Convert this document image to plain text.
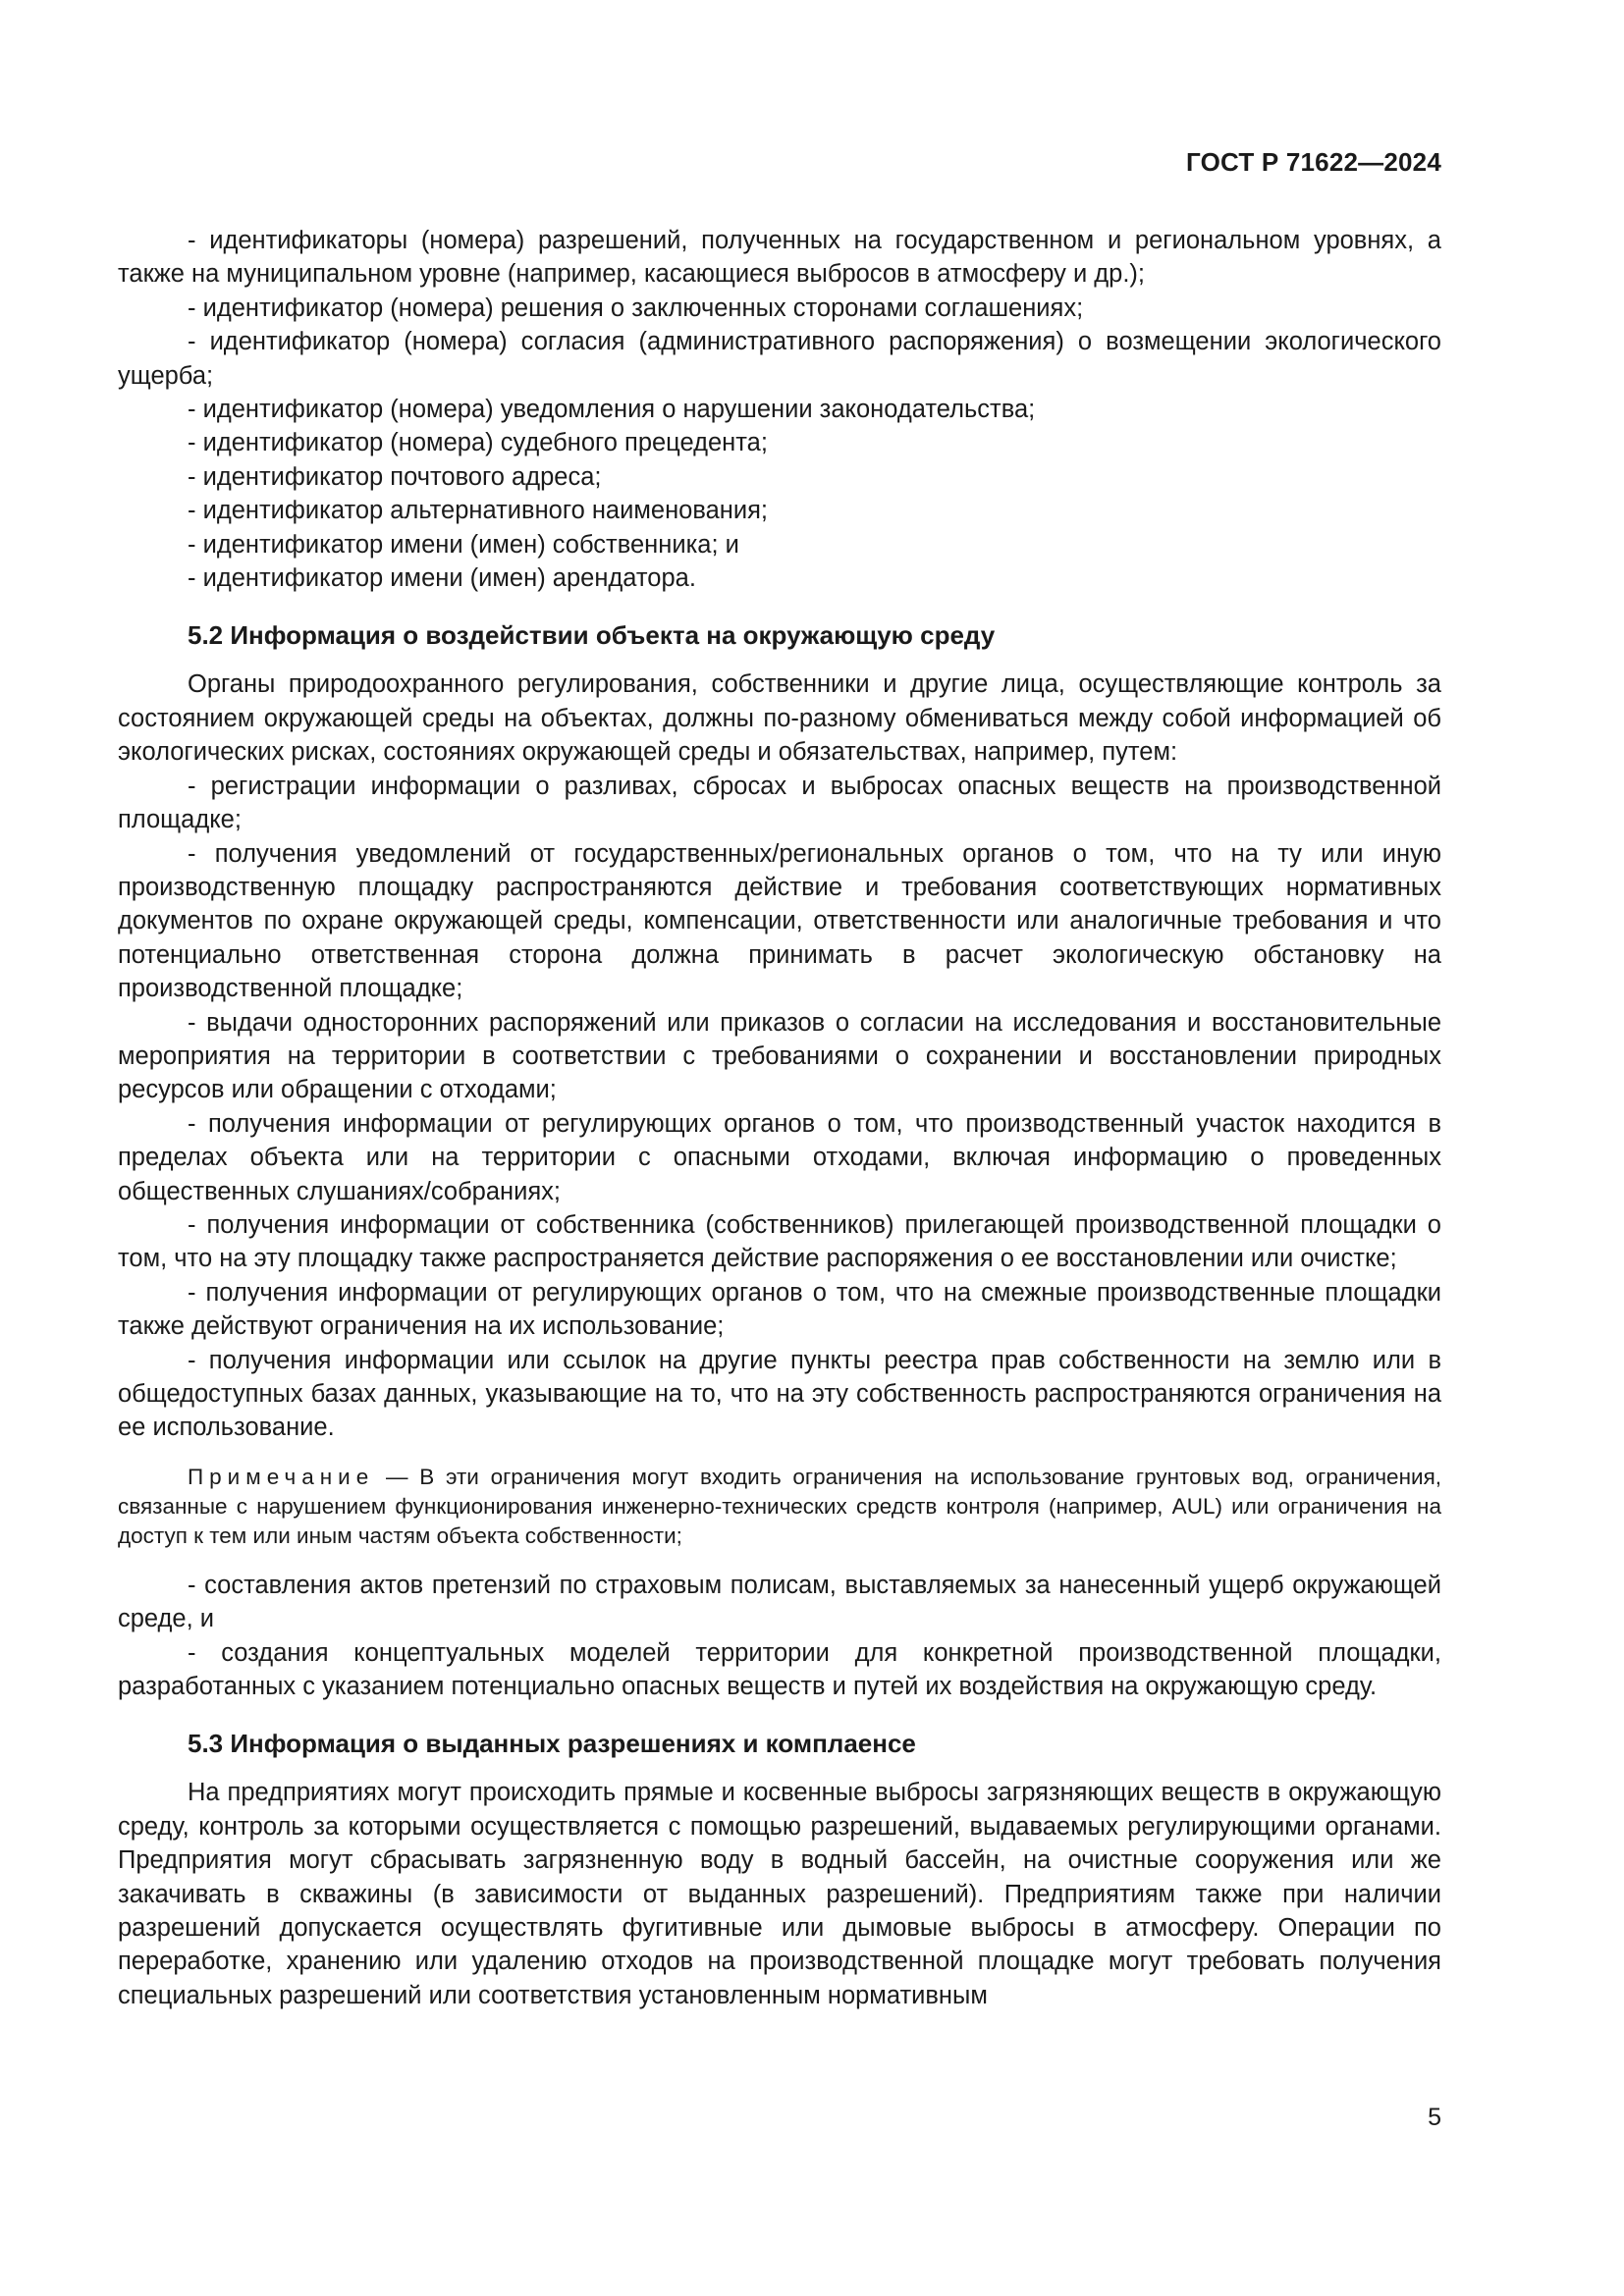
ГОСТ Р 71622—2024

- идентификаторы (номера) разрешений, полученных на государственном и региональном уровнях, а также на муниципальном уровне (например, касающиеся выбросов в атмосферу и др.);

- идентификатор (номера) решения о заключенных сторонами соглашениях;

- идентификатор (номера) согласия (административного распоряжения) о возмещении экологического ущерба;

- идентификатор (номера) уведомления о нарушении законодательства;

- идентификатор (номера) судебного прецедента;

- идентификатор почтового адреса;

- идентификатор альтернативного наименования;

- идентификатор имени (имен) собственника; и

- идентификатор имени (имен) арендатора.

5.2 Информация о воздействии объекта на окружающую среду

Органы природоохранного регулирования, собственники и другие лица, осуществляющие контроль за состоянием окружающей среды на объектах, должны по-разному обмениваться между собой информацией об экологических рисках, состояниях окружающей среды и обязательствах, например, путем:

- регистрации информации о разливах, сбросах и выбросах опасных веществ на производственной площадке;

- получения уведомлений от государственных/региональных органов о том, что на ту или иную производственную площадку распространяются действие и требования соответствующих нормативных документов по охране окружающей среды, компенсации, ответственности или аналогичные требования и что потенциально ответственная сторона должна принимать в расчет экологическую обстановку на производственной площадке;

- выдачи односторонних распоряжений или приказов о согласии на исследования и восстановительные мероприятия на территории в соответствии с требованиями о сохранении и восстановлении природных ресурсов или обращении с отходами;

- получения информации от регулирующих органов о том, что производственный участок находится в пределах объекта или на территории с опасными отходами, включая информацию о проведенных общественных слушаниях/собраниях;

- получения информации от собственника (собственников) прилегающей производственной площадки о том, что на эту площадку также распространяется действие распоряжения о ее восстановлении или очистке;

- получения информации от регулирующих органов о том, что на смежные производственные площадки также действуют ограничения на их использование;

- получения информации или ссылок на другие пункты реестра прав собственности на землю или в общедоступных базах данных, указывающие на то, что на эту собственность распространяются ограничения на ее использование.

Примечание — В эти ограничения могут входить ограничения на использование грунтовых вод, ограничения, связанные с нарушением функционирования инженерно-технических средств контроля (например, AUL) или ограничения на доступ к тем или иным частям объекта собственности;

- составления актов претензий по страховым полисам, выставляемых за нанесенный ущерб окружающей среде, и

- создания концептуальных моделей территории для конкретной производственной площадки, разработанных с указанием потенциально опасных веществ и путей их воздействия на окружающую среду.

5.3 Информация о выданных разрешениях и комплаенсе

На предприятиях могут происходить прямые и косвенные выбросы загрязняющих веществ в окружающую среду, контроль за которыми осуществляется с помощью разрешений, выдаваемых регулирующими органами. Предприятия могут сбрасывать загрязненную воду в водный бассейн, на очистные сооружения или же закачивать в скважины (в зависимости от выданных разрешений). Предприятиям также при наличии разрешений допускается осуществлять фугитивные или дымовые выбросы в атмосферу. Операции по переработке, хранению или удалению отходов на производственной площадке могут требовать получения специальных разрешений или соответствия установленным нормативным

5
